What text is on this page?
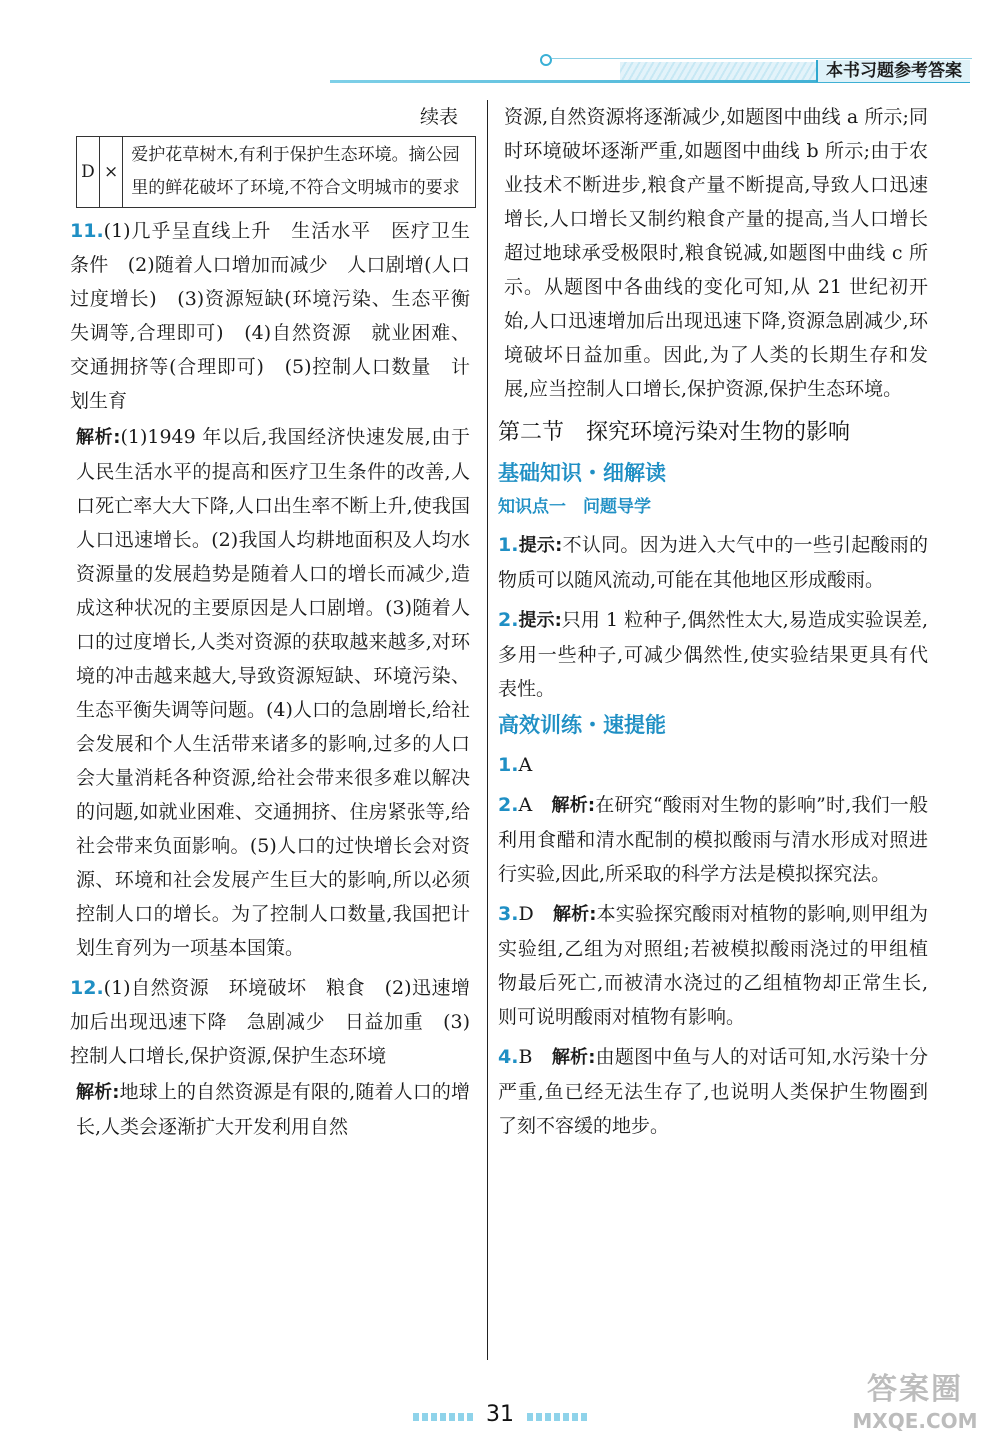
本书习题参考答案
续表
D	×	爱护花草树木,有利于保护生态环境。摘公园里的鲜花破坏了环境,不符合文明城市的要求

11.(1)几乎呈直线上升　生活水平　医疗卫生条件　(2)随着人口增加而减少　人口剧增(人口过度增长)　(3)资源短缺(环境污染、生态平衡失调等,合理即可)　(4)自然资源　就业困难、交通拥挤等(合理即可)　(5)控制人口数量　计划生育

解析:(1)1949 年以后,我国经济快速发展,由于人民生活水平的提高和医疗卫生条件的改善,人口死亡率大大下降,人口出生率不断上升,使我国人口迅速增长。(2)我国人均耕地面积及人均水资源量的发展趋势是随着人口的增长而减少,造成这种状况的主要原因是人口剧增。(3)随着人口的过度增长,人类对资源的获取越来越多,对环境的冲击越来越大,导致资源短缺、环境污染、生态平衡失调等问题。(4)人口的急剧增长,给社会发展和个人生活带来诸多的影响,过多的人口会大量消耗各种资源,给社会带来很多难以解决的问题,如就业困难、交通拥挤、住房紧张等,给社会带来负面影响。(5)人口的过快增长会对资源、环境和社会发展产生巨大的影响,所以必须控制人口的增长。为了控制人口数量,我国把计划生育列为一项基本国策。

12.(1)自然资源　环境破坏　粮食　(2)迅速增加后出现迅速下降　急剧减少　日益加重　(3)控制人口增长,保护资源,保护生态环境

解析:地球上的自然资源是有限的,随着人口的增长,人类会逐渐扩大开发利用自然

资源,自然资源将逐渐减少,如题图中曲线 a 所示;同时环境破坏逐渐严重,如题图中曲线 b 所示;由于农业技术不断进步,粮食产量不断提高,导致人口迅速增长,人口增长又制约粮食产量的提高,当人口增长超过地球承受极限时,粮食锐减,如题图中曲线 c 所示。从题图中各曲线的变化可知,从 21 世纪初开始,人口迅速增加后出现迅速下降,资源急剧减少,环境破坏日益加重。因此,为了人类的长期生存和发展,应当控制人口增长,保护资源,保护生态环境。

第二节　探究环境污染对生物的影响
基础知识・细解读
知识点一　问题导学

1.提示:不认同。因为进入大气中的一些引起酸雨的物质可以随风流动,可能在其他地区形成酸雨。

2.提示:只用 1 粒种子,偶然性太大,易造成实验误差,多用一些种子,可减少偶然性,使实验结果更具有代表性。

高效训练・速提能

1.A

2.A　 解析:在研究“酸雨对生物的影响”时,我们一般利用食醋和清水配制的模拟酸雨与清水形成对照进行实验,因此,所采取的科学方法是模拟探究法。

3.D　 解析:本实验探究酸雨对植物的影响,则甲组为实验组,乙组为对照组;若被模拟酸雨浇过的甲组植物最后死亡,而被清水浇过的乙组植物却正常生长,则可说明酸雨对植物有影响。

4.B　 解析:由题图中鱼与人的对话可知,水污染十分严重,鱼已经无法生存了,也说明人类保护生物圈到了刻不容缓的地步。

31
答案圈
MXQE.COM
